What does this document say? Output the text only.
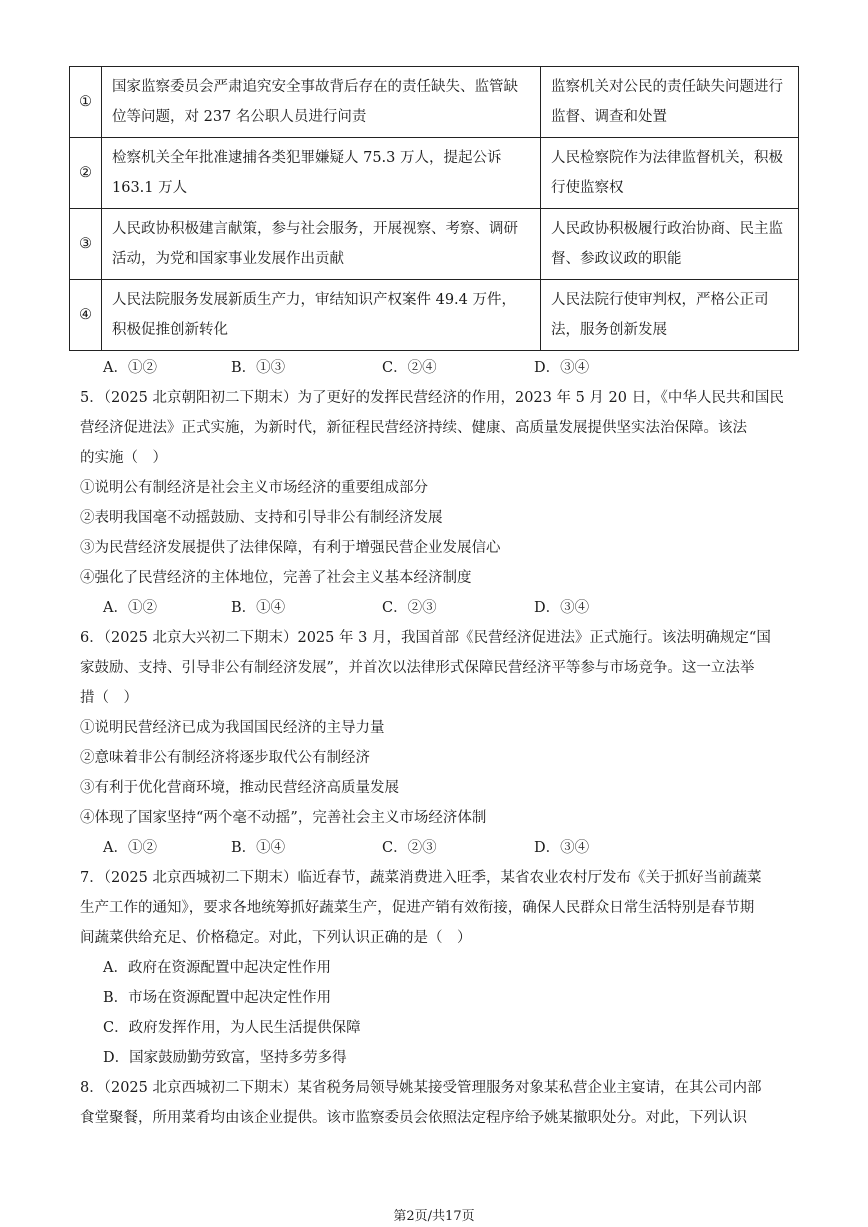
①	国家监察委员会严肃追究安全事故背后存在的责任缺失、监管缺位等问题，对 237 名公职人员进行问责	监察机关对公民的责任缺失问题进行监督、调查和处置
②	检察机关全年批准逮捕各类犯罪嫌疑人 75.3 万人，提起公诉 163.1 万人	人民检察院作为法律监督机关，积极行使监察权
③	人民政协积极建言献策，参与社会服务，开展视察、考察、调研活动，为党和国家事业发展作出贡献	人民政协积极履行政治协商、民主监督、参政议政的职能
④	人民法院服务发展新质生产力，审结知识产权案件 49.4 万件，积极促推创新转化	人民法院行使审判权，严格公正司法，服务创新发展
A．①②	B．①③	C．②④	D．③④
5．（2025 北京朝阳初二下期末）为了更好的发挥民营经济的作用，2023 年 5 月 20 日，《中华人民共和国民
营经济促进法》正式实施，为新时代，新征程民营经济持续、健康、高质量发展提供坚实法治保障。该法
的实施（　）
①说明公有制经济是社会主义市场经济的重要组成部分
②表明我国毫不动摇鼓励、支持和引导非公有制经济发展
③为民营经济发展提供了法律保障，有利于增强民营企业发展信心
④强化了民营经济的主体地位，完善了社会主义基本经济制度
A．①②	B．①④	C．②③	D．③④
6．（2025 北京大兴初二下期末）2025 年 3 月，我国首部《民营经济促进法》正式施行。该法明确规定“国
家鼓励、支持、引导非公有制经济发展”，并首次以法律形式保障民营经济平等参与市场竞争。这一立法举
措（　）
①说明民营经济已成为我国国民经济的主导力量
②意味着非公有制经济将逐步取代公有制经济
③有利于优化营商环境，推动民营经济高质量发展
④体现了国家坚持“两个毫不动摇”，完善社会主义市场经济体制
A．①②	B．①④	C．②③	D．③④
7．（2025 北京西城初二下期末）临近春节，蔬菜消费进入旺季，某省农业农村厅发布《关于抓好当前蔬菜
生产工作的通知》，要求各地统筹抓好蔬菜生产，促进产销有效衔接，确保人民群众日常生活特别是春节期
间蔬菜供给充足、价格稳定。对此，下列认识正确的是（　）
A．政府在资源配置中起决定性作用
B．市场在资源配置中起决定性作用
C．政府发挥作用，为人民生活提供保障
D．国家鼓励勤劳致富，坚持多劳多得
8．（2025 北京西城初二下期末）某省税务局领导姚某接受管理服务对象某私营企业主宴请，在其公司内部
食堂聚餐，所用菜肴均由该企业提供。该市监察委员会依照法定程序给予姚某撤职处分。对此，下列认识
第2页/共17页
